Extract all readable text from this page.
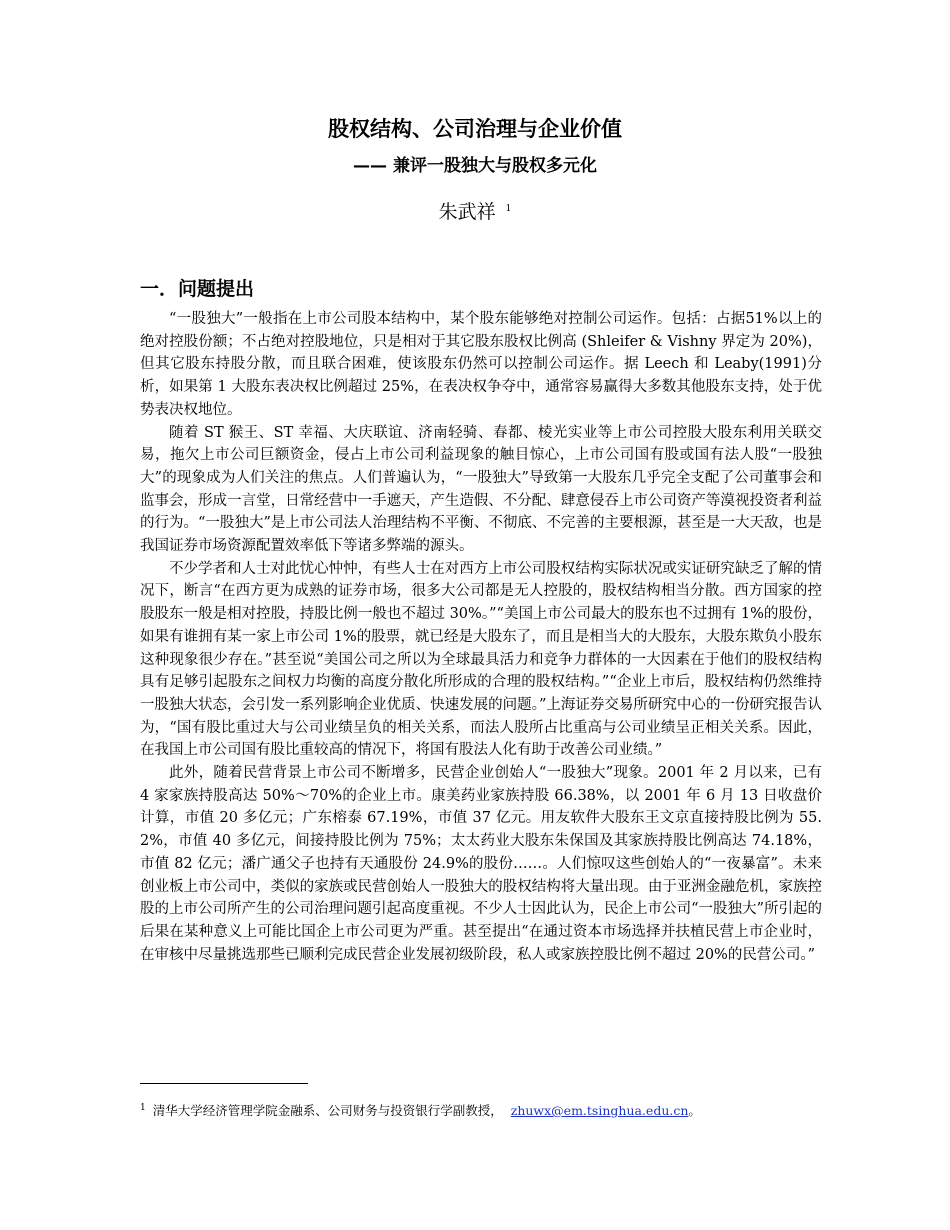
股权结构、公司治理与企业价值
—— 兼评一股独大与股权多元化
朱武祥 $^1$
一．问题提出

“一股独大”一般指在上市公司股本结构中，某个股东能够绝对控制公司运作。包括：占据51%以上的绝对控股份额；不占绝对控股地位，只是相对于其它股东股权比例高 (Shleifer & Vishny 界定为 20%)，但其它股东持股分散，而且联合困难，使该股东仍然可以控制公司运作。据 Leech 和 Leaby(1991)分析，如果第 1 大股东表决权比例超过 25%，在表决权争夺中，通常容易赢得大多数其他股东支持，处于优势表决权地位。

随着 ST 猴王、ST 幸福、大庆联谊、济南轻骑、春都、棱光实业等上市公司控股大股东利用关联交易，拖欠上市公司巨额资金，侵占上市公司利益现象的触目惊心，上市公司国有股或国有法人股“一股独大”的现象成为人们关注的焦点。人们普遍认为，“一股独大”导致第一大股东几乎完全支配了公司董事会和监事会，形成一言堂，日常经营中一手遮天，产生造假、不分配、肆意侵吞上市公司资产等漠视投资者利益的行为。“一股独大”是上市公司法人治理结构不平衡、不彻底、不完善的主要根源，甚至是一大天敌，也是我国证券市场资源配置效率低下等诸多弊端的源头。

不少学者和人士对此忧心忡忡，有些人士在对西方上市公司股权结构实际状况或实证研究缺乏了解的情况下，断言“在西方更为成熟的证券市场，很多大公司都是无人控股的，股权结构相当分散。西方国家的控股股东一般是相对控股，持股比例一般也不超过 30%。”“美国上市公司最大的股东也不过拥有 1%的股份，如果有谁拥有某一家上市公司 1%的股票，就已经是大股东了，而且是相当大的大股东，大股东欺负小股东这种现象很少存在。”甚至说“美国公司之所以为全球最具活力和竞争力群体的一大因素在于他们的股权结构具有足够引起股东之间权力均衡的高度分散化所形成的合理的股权结构。”“企业上市后，股权结构仍然维持一股独大状态，会引发一系列影响企业优质、快速发展的问题。”上海证券交易所研究中心的一份研究报告认为，“国有股比重过大与公司业绩呈负的相关关系，而法人股所占比重高与公司业绩呈正相关关系。因此，在我国上市公司国有股比重较高的情况下，将国有股法人化有助于改善公司业绩。”

此外，随着民营背景上市公司不断增多，民营企业创始人“一股独大”现象。2001 年 2 月以来，已有 4 家家族持股高达 50%～70%的企业上市。康美药业家族持股 66.38%，以 2001 年 6 月 13 日收盘价计算，市值 20 多亿元；广东榕泰 67.19%，市值 37 亿元。用友软件大股东王文京直接持股比例为 55.2%，市值 40 多亿元，间接持股比例为 75%；太太药业大股东朱保国及其家族持股比例高达 74.18%，市值 82 亿元；潘广通父子也持有天通股份 24.9%的股份……。人们惊叹这些创始人的“一夜暴富”。未来创业板上市公司中，类似的家族或民营创始人一股独大的股权结构将大量出现。由于亚洲金融危机，家族控股的上市公司所产生的公司治理问题引起高度重视。不少人士因此认为，民企上市公司“一股独大”所引起的后果在某种意义上可能比国企上市公司更为严重。甚至提出“在通过资本市场选择并扶植民营上市企业时，在审核中尽量挑选那些已顺利完成民营企业发展初级阶段，私人或家族控股比例不超过 20%的民营公司。”

$^1$ 清华大学经济管理学院金融系、公司财务与投资银行学副教授， zhuwx@em.tsinghua.edu.cn。
